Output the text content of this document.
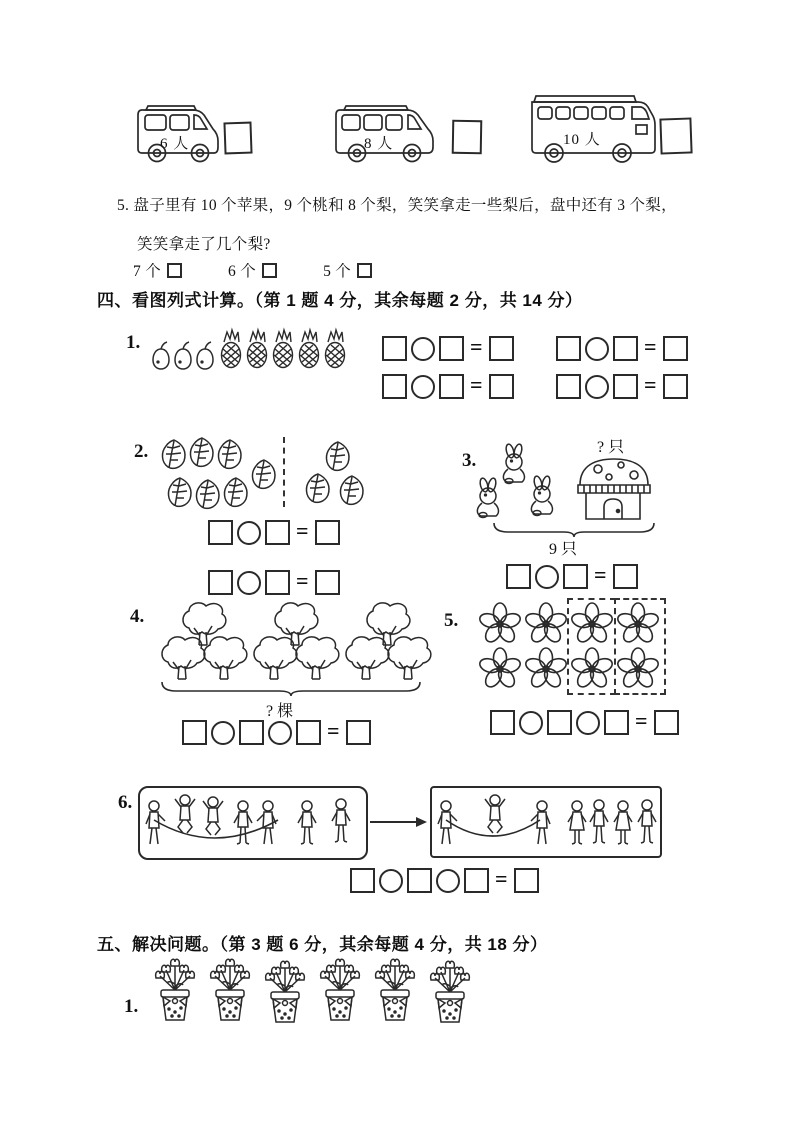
6 人	8 人	10 人
5. 盘子里有 10 个苹果，9 个桃和 8 个梨，笑笑拿走一些梨后，盘中还有 3 个梨，
笑笑拿走了几个梨?
7 个	6 个	5 个
四、看图列式计算。（第 1 题 4 分，其余每题 2 分，共 14 分）
1.	=	=
=	=
2.
=
=
3.
? 只
9 只
=
4.
? 棵
=
5.
=
6.
=
五、解决问题。（第 3 题 6 分，其余每题 4 分，共 18 分）
1.
